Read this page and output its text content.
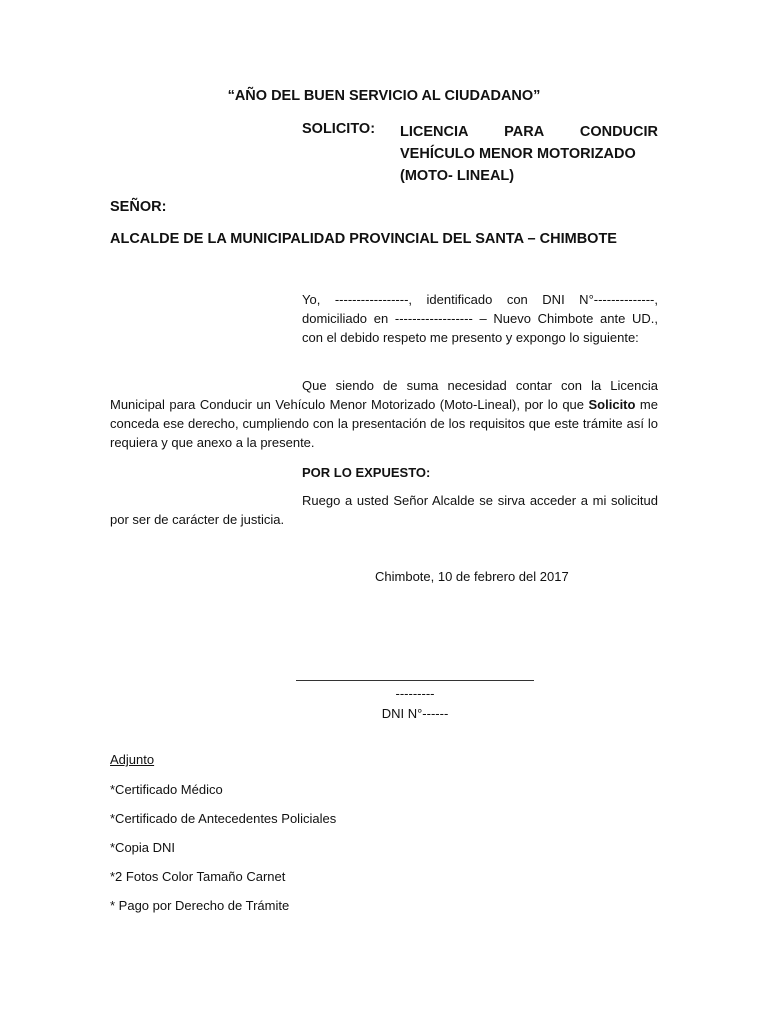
“AÑO DEL BUEN SERVICIO AL CIUDADANO”
SOLICITO: LICENCIA PARA CONDUCIR
VEHÍCULO MENOR MOTORIZADO
(MOTO- LINEAL)
SEÑOR:
ALCALDE DE LA MUNICIPALIDAD PROVINCIAL DEL SANTA – CHIMBOTE
Yo, -----------------, identificado con DNI N°--------------, domiciliado en ------------------ – Nuevo Chimbote ante UD., con el debido respeto me presento y expongo lo siguiente:
Que siendo de suma necesidad contar con la Licencia Municipal para Conducir un Vehículo Menor Motorizado (Moto-Lineal), por lo que Solicito me conceda ese derecho, cumpliendo con la presentación de los requisitos que este trámite así lo requiera y que anexo a la presente.
POR LO EXPUESTO:
Ruego a usted Señor Alcalde se sirva acceder a mi solicitud por ser de carácter de justicia.
Chimbote, 10 de febrero del 2017
---------
DNI N°------
Adjunto
*Certificado Médico
*Certificado de Antecedentes Policiales
*Copia DNI
*2 Fotos Color Tamaño Carnet
* Pago por Derecho de Trámite
